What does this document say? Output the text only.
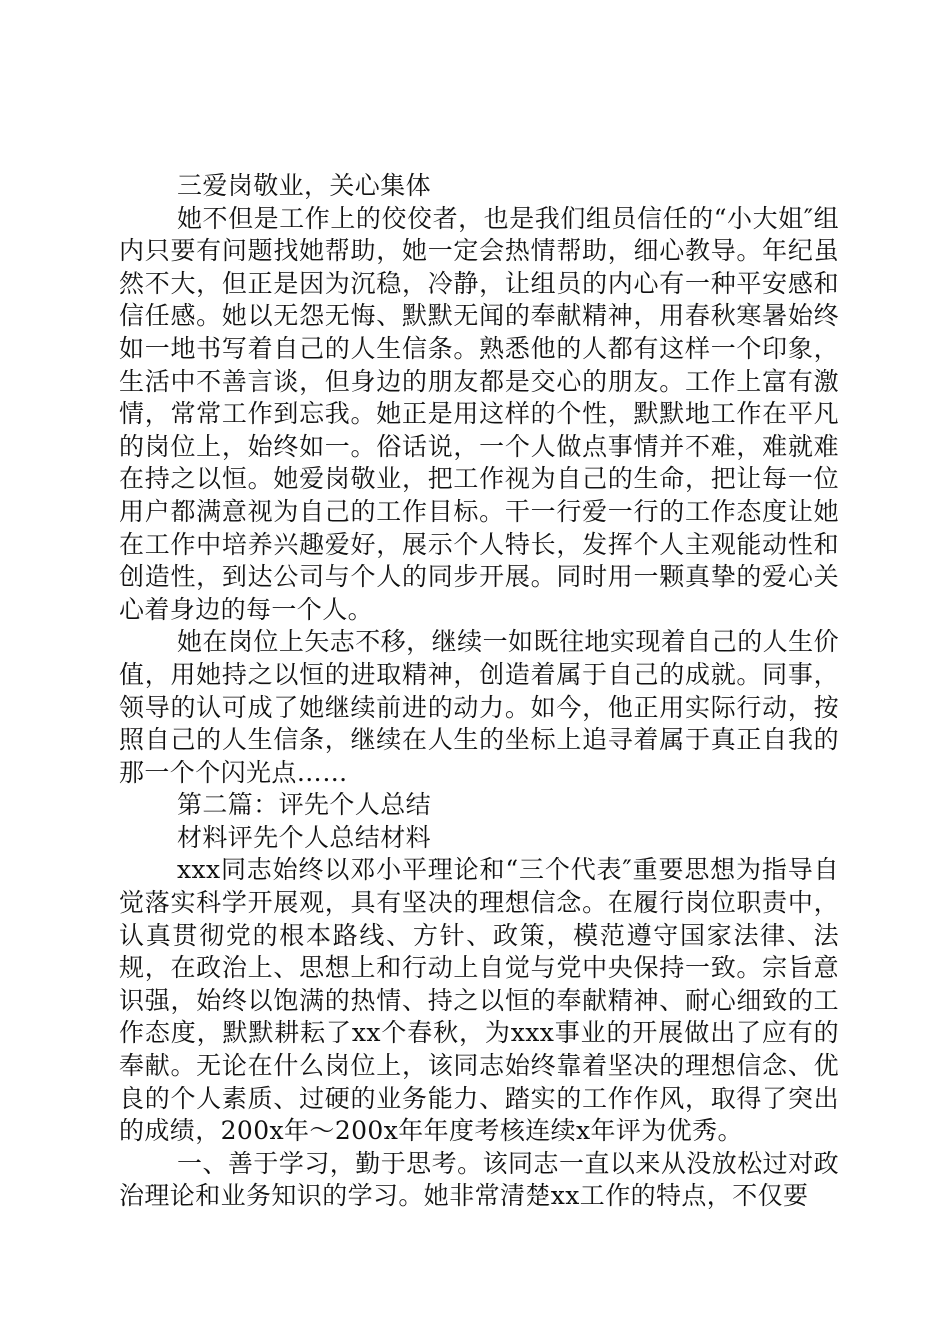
三爱岗敬业，关心集体

她不但是工作上的佼佼者，也是我们组员信任的“小大姐″组内只要有问题找她帮助，她一定会热情帮助，细心教导。年纪虽然不大，但正是因为沉稳，冷静，让组员的内心有一种平安感和信任感。她以无怨无悔、默默无闻的奉献精神，用春秋寒暑始终如一地书写着自己的人生信条。熟悉他的人都有这样一个印象，生活中不善言谈，但身边的朋友都是交心的朋友。工作上富有激情，常常工作到忘我。她正是用这样的个性，默默地工作在平凡的岗位上，始终如一。俗话说，一个人做点事情并不难，难就难在持之以恒。她爱岗敬业，把工作视为自己的生命，把让每一位用户都满意视为自己的工作目标。干一行爱一行的工作态度让她在工作中培养兴趣爱好，展示个人特长，发挥个人主观能动性和创造性，到达公司与个人的同步开展。同时用一颗真挚的爱心关心着身边的每一个人。

她在岗位上矢志不移，继续一如既往地实现着自己的人生价值，用她持之以恒的进取精神，创造着属于自己的成就。同事，领导的认可成了她继续前进的动力。如今，他正用实际行动，按照自己的人生信条，继续在人生的坐标上追寻着属于真正自我的那一个个闪光点……

第二篇：评先个人总结

材料评先个人总结材料

xxx同志始终以邓小平理论和“三个代表″重要思想为指导自觉落实科学开展观，具有坚决的理想信念。在履行岗位职责中，认真贯彻党的根本路线、方针、政策，模范遵守国家法律、法规，在政治上、思想上和行动上自觉与党中央保持一致。宗旨意识强，始终以饱满的热情、持之以恒的奉献精神、耐心细致的工作态度，默默耕耘了xx个春秋，为xxx事业的开展做出了应有的奉献。无论在什么岗位上，该同志始终靠着坚决的理想信念、优良的个人素质、过硬的业务能力、踏实的工作作风，取得了突出的成绩，200x年～200x年年度考核连续x年评为优秀。

一、善于学习，勤于思考。该同志一直以来从没放松过对政治理论和业务知识的学习。她非常清楚xx工作的特点，不仅要
